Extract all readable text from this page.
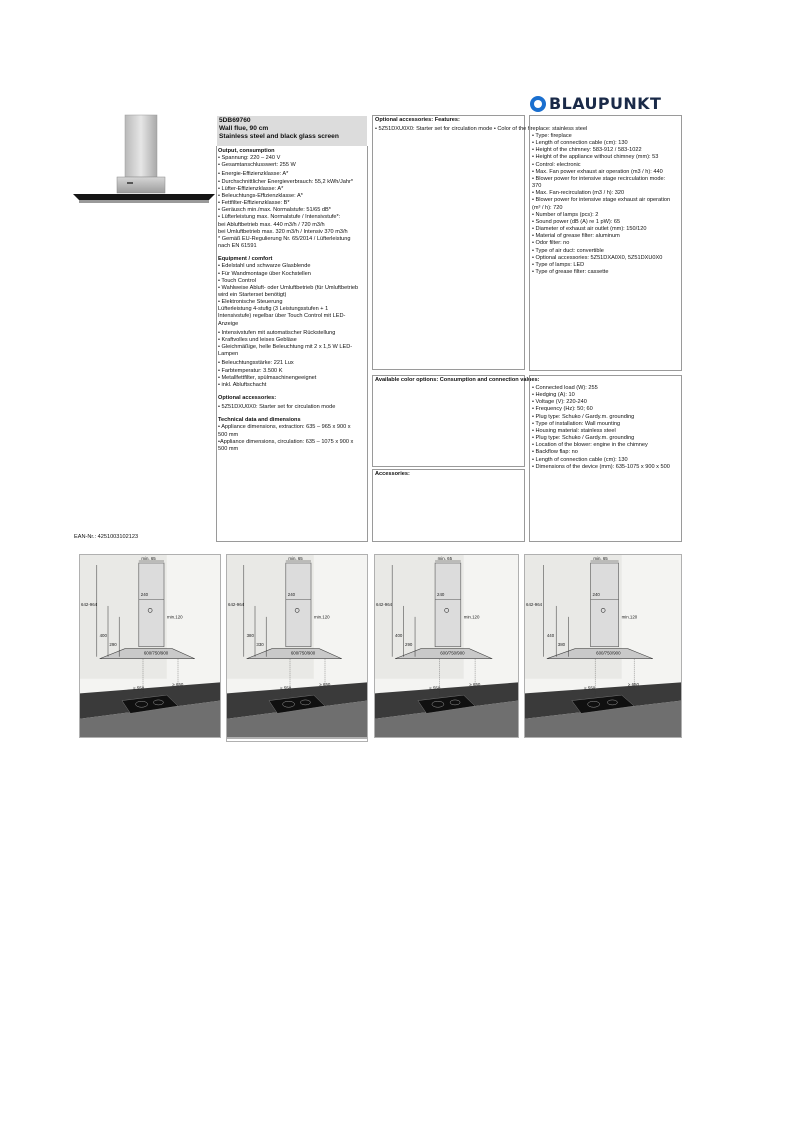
BLAUPUNKT
5DB69760
Wall flue, 90 cm
Stainless steel and black glass screen
Output, consumption
• Spannung: 220 – 240 V
• Gesamtanschlusswert: 255 W
• Energie-Effizienzklasse: A*
• Durchschnittlicher Energieverbrauch: 55,2 kWh/Jahr*
• Lüfter-Effizienzklasse: A*
• Beleuchtungs-Effizienzklasse: A*
• Fettfilter-Effizienzklasse: B*
• Geräusch min./max. Normalstufe: 51/65 dB*
• Lüfterleistung max. Normalstufe / Intensivstufe*:
bei Abluftbetrieb max. 440 m3/h / 720 m3/h
bei Umluftbetrieb max. 320 m3/h / Intensiv 370 m3/h
* Gemäß EU-Regulierung Nr. 65/2014 / Lüfterleistung
nach EN 61591
Equipment / comfort
• Edelstahl und schwarze Glasblende
• Für Wandmontage über Kochstellen
• Touch Control
• Wahlweise Abluft- oder Umluftbetrieb (für Umluftbetrieb
wird ein Starterset benötigt)
• Elektronische Steuerung
Lüfterleistung 4-stufig (3 Leistungsstufen + 1
Intensivstufe) regelbar über Touch Control mit LED-
Anzeige
• Intensivstufen mit automatischer Rückstellung
• Kraftvolles und leises Gebläse
• Gleichmäßige, helle Beleuchtung mit 2 x 1,5 W LED-
Lampen
• Beleuchtungsstärke: 221 Lux
• Farbtemperatur: 3.500 K
• Metallfettfilter, spülmaschinengeeignet
• inkl. Abluftschacht
Optional accessories:
• 5Z51DXU0X0: Starter set for circulation mode
Technical data and dimensions
• Appliance dimensions, extraction: 635 – 965 x 900 x
500 mm
•Appliance dimensions, circulation: 635 – 1075 x 900 x
500 mm
Optional accessories: Features:
• 5Z51DXU0X0: Starter set for circulation mode • Color of the fireplace: stainless steel
Available color options: Consumption and connection values:
Accessories:
• Type: fireplace
• Length of connection cable (cm): 130
• Height of the chimney: 583-912 / 583-1022
• Height of the appliance without chimney (mm): 53
• Control: electronic
• Max. Fan power exhaust air operation (m3 / h): 440
• Blower power for intensive stage recirculation mode:
370
• Max. Fan-recirculation (m3 / h): 320
• Blower power for intensive stage exhaust air operation
(m³ / h): 720
• Number of lamps (pcs): 2
• Sound power (dB (A) re 1 pW): 65
• Diameter of exhaust air outlet (mm): 150/120
• Material of grease filter: aluminum
• Odor filter: no
• Type of air duct: convertible
• Optional accessories: 5Z51DXA0X0, 5Z51DXU0X0
• Type of lamps: LED
• Type of grease filter: cassette
• Connected load (W): 255
• Hedging (A): 10
• Voltage (V): 220-240
• Frequency (Hz): 50; 60
• Plug type: Schuko / Gardy.m. grounding
• Type of installation: Wall mounting
• Housing material: stainless steel
• Plug type: Schuko / Gardy.m. grounding
• Location of the blower: engine in the chimney
• Backflow flap: no
• Length of connection cable (cm): 130
• Dimensions of the device (mm): 635-1075 x 900 x 500
EAN-Nr.: 4251003102123
min. 65
642-964
400
290
min.120
600/750/900
≥ 550
≥ 650
240
min. 65
642-964
380
330
min.120
600/750/900
≥ 550
≥ 650
240
min. 65
642-964
400
290
min.120
600/750/900
≥ 550
≥ 650
240
min. 65
642-964
440
380
min.120
600/750/900
≥ 550
≥ 650
240
